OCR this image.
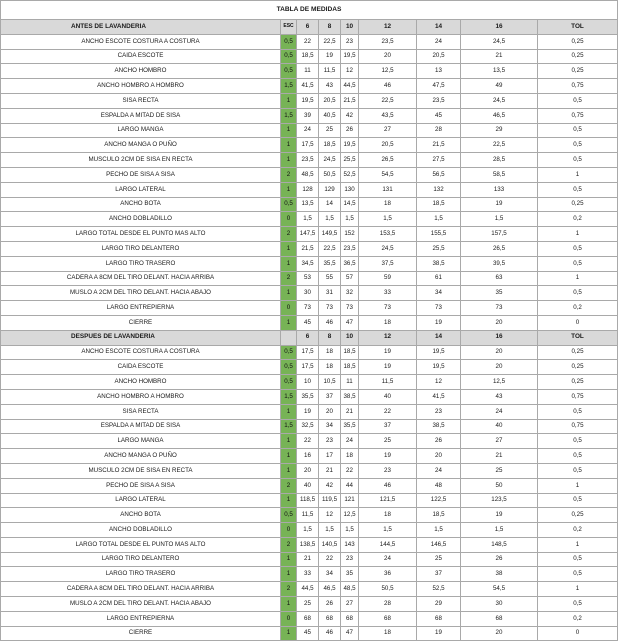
TABLA DE MEDIDAS								
ANTES DE LAVANDERIA	ESC	6	8	10	12	14	16	TOL
ANCHO ESCOTE COSTURA A COSTURA	0,5	22	22,5	23	23,5	24	24,5	0,25
CAIDA ESCOTE	0,5	18,5	19	19,5	20	20,5	21	0,25
ANCHO HOMBRO	0,5	11	11,5	12	12,5	13	13,5	0,25
ANCHO HOMBRO A HOMBRO	1,5	41,5	43	44,5	46	47,5	49	0,75
SISA RECTA	1	19,5	20,5	21,5	22,5	23,5	24,5	0,5
ESPALDA A MITAD DE SISA	1,5	39	40,5	42	43,5	45	46,5	0,75
LARGO MANGA	1	24	25	26	27	28	29	0,5
ANCHO MANGA O PUÑO	1	17,5	18,5	19,5	20,5	21,5	22,5	0,5
MUSCULO 2CM DE SISA EN RECTA	1	23,5	24,5	25,5	26,5	27,5	28,5	0,5
PECHO DE SISA A SISA	2	48,5	50,5	52,5	54,5	56,5	58,5	1
LARGO LATERAL	1	128	129	130	131	132	133	0,5
ANCHO BOTA	0,5	13,5	14	14,5	18	18,5	19	0,25
ANCHO DOBLADILLO	0	1,5	1,5	1,5	1,5	1,5	1,5	0,2
LARGO TOTAL DESDE EL PUNTO MAS ALTO	2	147,5	149,5	152	153,5	155,5	157,5	1
LARGO TIRO DELANTERO	1	21,5	22,5	23,5	24,5	25,5	26,5	0,5
LARGO TIRO TRASERO	1	34,5	35,5	36,5	37,5	38,5	39,5	0,5
CADERA A 8CM DEL TIRO DELANT. HACIA ARRIBA	2	53	55	57	59	61	63	1
MUSLO A 2CM DEL TIRO DELANT. HACIA ABAJO	1	30	31	32	33	34	35	0,5
LARGO ENTREPIERNA	0	73	73	73	73	73	73	0,2
CIERRE	1	45	46	47	18	19	20	0
DESPUES DE LAVANDERIA		6	8	10	12	14	16	TOL
ANCHO ESCOTE COSTURA A COSTURA	0,5	17,5	18	18,5	19	19,5	20	0,25
CAIDA ESCOTE	0,5	17,5	18	18,5	19	19,5	20	0,25
ANCHO HOMBRO	0,5	10	10,5	11	11,5	12	12,5	0,25
ANCHO HOMBRO A HOMBRO	1,5	35,5	37	38,5	40	41,5	43	0,75
SISA RECTA	1	19	20	21	22	23	24	0,5
ESPALDA A MITAD DE SISA	1,5	32,5	34	35,5	37	38,5	40	0,75
LARGO MANGA	1	22	23	24	25	26	27	0,5
ANCHO MANGA O PUÑO	1	16	17	18	19	20	21	0,5
MUSCULO 2CM DE SISA EN RECTA	1	20	21	22	23	24	25	0,5
PECHO DE SISA A SISA	2	40	42	44	46	48	50	1
LARGO LATERAL	1	118,5	119,5	121	121,5	122,5	123,5	0,5
ANCHO BOTA	0,5	11,5	12	12,5	18	18,5	19	0,25
ANCHO DOBLADILLO	0	1,5	1,5	1,5	1,5	1,5	1,5	0,2
LARGO TOTAL DESDE EL PUNTO MAS ALTO	2	138,5	140,5	143	144,5	146,5	148,5	1
LARGO TIRO DELANTERO	1	21	22	23	24	25	26	0,5
LARGO TIRO TRASERO	1	33	34	35	36	37	38	0,5
CADERA A 8CM DEL TIRO DELANT. HACIA ARRIBA	2	44,5	46,5	48,5	50,5	52,5	54,5	1
MUSLO A 2CM DEL TIRO DELANT. HACIA ABAJO	1	25	26	27	28	29	30	0,5
LARGO ENTREPIERNA	0	68	68	68	68	68	68	0,2
CIERRE	1	45	46	47	18	19	20	0
